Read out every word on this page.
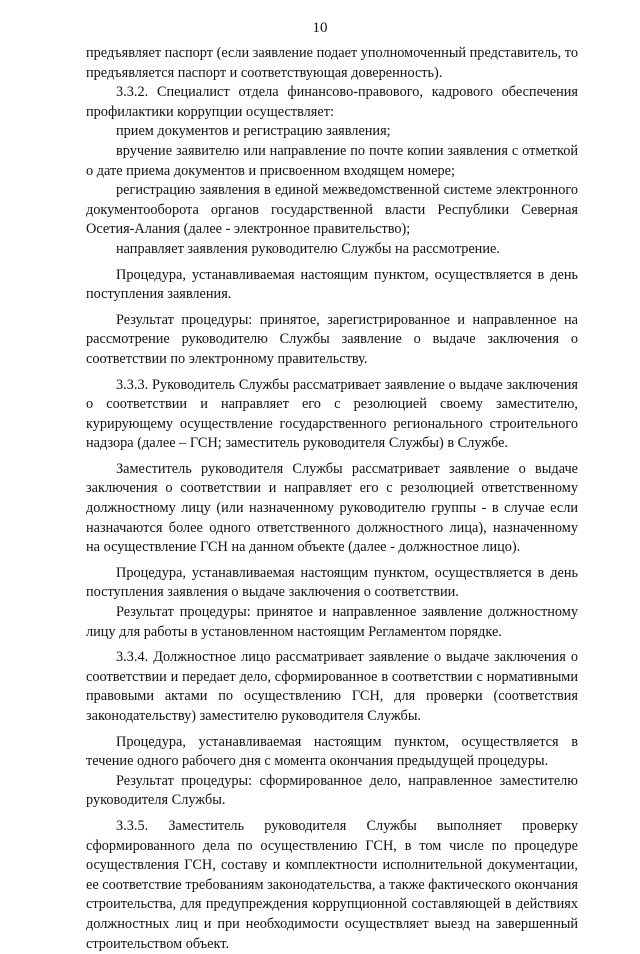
10

предъявляет паспорт (если заявление подает уполномоченный представитель, то предъявляется паспорт и соответствующая доверенность).

3.3.2. Специалист отдела финансово-правового, кадрового обеспечения профилактики коррупции осуществляет:

прием документов и регистрацию заявления;

вручение заявителю или направление по почте копии заявления с отметкой о дате приема документов и присвоенном входящем номере;

регистрацию заявления в единой межведомственной системе электронного документооборота органов государственной власти Республики Северная Осетия-Алания (далее - электронное правительство);

направляет заявления руководителю Службы на рассмотрение.

Процедура, устанавливаемая настоящим пунктом, осуществляется в день поступления заявления.

Результат процедуры: принятое, зарегистрированное и направленное на рассмотрение руководителю Службы заявление о выдаче заключения о соответствии по электронному правительству.

3.3.3. Руководитель Службы рассматривает заявление о выдаче заключения о соответствии и направляет его с резолюцией своему заместителю, курирующему осуществление государственного регионального строительного надзора (далее – ГСН; заместитель руководителя Службы) в Службе.

Заместитель руководителя Службы рассматривает заявление о выдаче заключения о соответствии и направляет его с резолюцией ответственному должностному лицу (или назначенному руководителю группы - в случае если назначаются более одного ответственного должностного лица), назначенному на осуществление ГСН на данном объекте (далее - должностное лицо).

Процедура, устанавливаемая настоящим пунктом, осуществляется в день поступления заявления о выдаче заключения о соответствии.

Результат процедуры: принятое и направленное заявление должностному лицу для работы в установленном настоящим Регламентом порядке.

3.3.4. Должностное лицо рассматривает заявление о выдаче заключения о соответствии и передает дело, сформированное в соответствии с нормативными правовыми актами по осуществлению ГСН, для проверки (соответствия законодательству) заместителю руководителя Службы.

Процедура, устанавливаемая настоящим пунктом, осуществляется в течение одного рабочего дня с момента окончания предыдущей процедуры.

Результат процедуры: сформированное дело, направленное заместителю руководителя Службы.

3.3.5. Заместитель руководителя Службы выполняет проверку сформированного дела по осуществлению ГСН, в том числе по процедуре осуществления ГСН, составу и комплектности исполнительной документации, ее соответствие требованиям законодательства, а также фактического окончания строительства, для предупреждения коррупционной составляющей в действиях должностных лиц и при необходимости осуществляет выезд на завершенный строительством объект.
